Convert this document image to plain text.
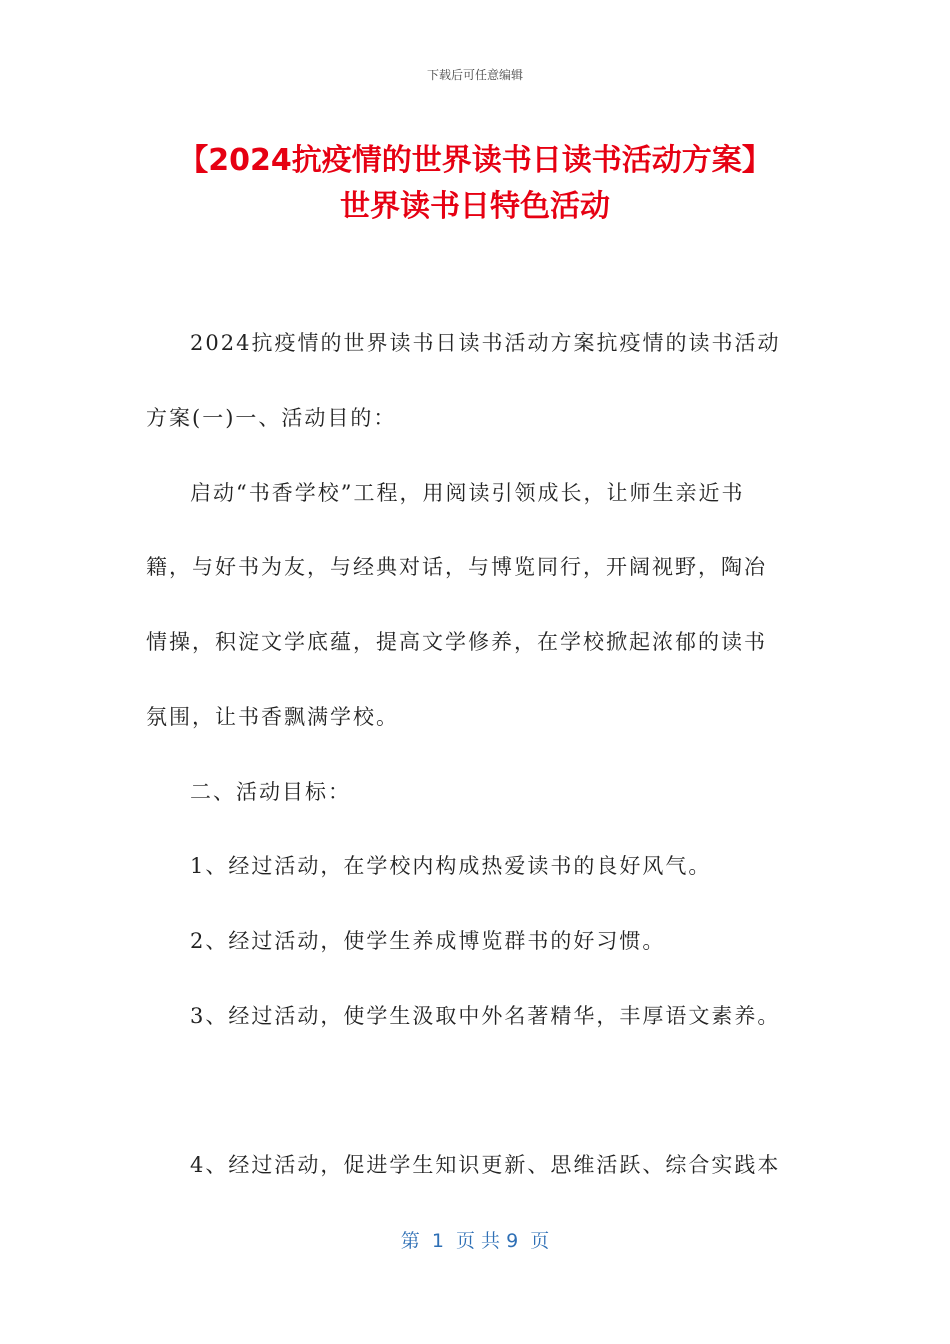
下载后可任意编辑
【2024抗疫情的世界读书日读书活动方案】
世界读书日特色活动
2024抗疫情的世界读书日读书活动方案抗疫情的读书活动
方案(一)一、活动目的：
启动“书香学校”工程，用阅读引领成长，让师生亲近书
籍，与好书为友，与经典对话，与博览同行，开阔视野，陶冶
情操，积淀文学底蕴，提高文学修养，在学校掀起浓郁的读书
氛围，让书香飘满学校。
二、活动目标：
1、经过活动，在学校内构成热爱读书的良好风气。
2、经过活动，使学生养成博览群书的好习惯。
3、经过活动，使学生汲取中外名著精华，丰厚语文素养。
4、经过活动，促进学生知识更新、思维活跃、综合实践本
第  1  页 共 9  页
